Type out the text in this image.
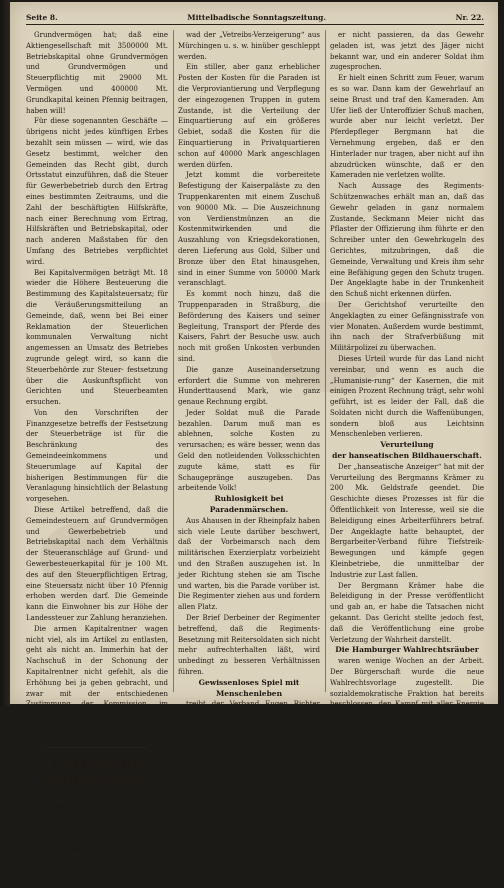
Seite 8.	Mittelbadische Sonntagszeitung.	Nr. 22.

Grundvermögen hat; daß eine Aktiengesellschaft mit 3500000 Mt. Betriebskapital ohne Grundvermögen und Grundvermögen und Steuerpflichtig mit 29000 Mt. Vermögen und 400000 Mt. Grundkapital keinen Pfennig beitragen, haben will!

Für diese sogenannten Geschäfte — übrigens nicht jedes künftigen Erbes bezahlt sein müssen — wird, wie das Gesetz bestimmt, welcher den Gemeinden das Recht gibt, durch Ortsstatut einzuführen, daß die Steuer für Gewerbebetrieb durch den Ertrag eines bestimmten Zeitraums, und die Zahl der beschäftigten Hilfskräfte, nach einer Berechnung vom Ertrag, Hilfskräften und Betriebskapital, oder nach anderen Maßstaben für den Umfang des Betriebes verpflichtet wird.

Bei Kapitalvermögen beträgt Mt. 18 wieder die Höhere Besteuerung die Bestimmung des Kapitalsteuersatz; für die Veräußerungsmitteilung an Gemeinde, daß, wenn bei Bei einer Reklamation der Steuerlichen kommunalen Verwaltung nicht angemessen an Umsatz des Betriebes zugrunde gelegt wird, so kann die Steuerbehörde zur Steuer- festsetzung über die Auskunftspflicht von Gerichten und Steuerbeamten ersuchen.

Von den Vorschriften der Finanzgesetze betreffs der Festsetzung der Steuerbeträge ist für die Beschränkung des Gemeindeeinkommens und Steuerumlage auf Kapital der bisherigen Bestimmungen für die Veranlagung hinsichtlich der Belastung vorgesehen.

Diese Artikel betreffend, daß die Gemeindesteuern auf Grundvermögen und Gewerbebetrieb und Betriebskapital nach dem Verhältnis der Steueranschläge auf Grund- und Gewerbesteuerkapital für je 100 Mt. des auf den Steuerpflichtigen Ertrag, eine Steuersatz nicht über 10 Pfennig erhoben werden darf. Die Gemeinde kann die Einwohner bis zur Höhe der Landessteuer zur Zahlung heranziehen.

Die armen Kapitalrentner wagen nicht viel, als im Artikel zu entlasten, geht als nicht an. Immerhin hat der Nachschuß in der Schonung der Kapitalrentner nicht gefehlt, als die Erhöhung bei ja geben gebracht, und zwar mit der entschiedenen Zustimmung der Kommission, im Interesse der Gemeinde, sowie auch die Belastung der übrigen Steuerpflichtigen.

Politische Rundschau.

Kitzingen, den 1. Juni 1905.

Was kostet die Parade?

Die „Volkstage“ in B. Brückingen in Lothringen sollen nach der militärischen Fachpresse einen Kostenaufwand von 250000 Mark erfordern haben. Man fühlt hier an, wieviel das Reich an Ausgaben zu tragen hat.

wad der „Vetreibs-Verzeigerung“ aus Mürchingen u. s. w. hinüber geschleppt werden.

Ein stiller, aber ganz erheblicher Posten der Kosten für die Paraden ist die Verproviantierung und Verpflegung der eingezogenen Truppen in gutem Zustande, ist die Verteilung der Einquartierung auf ein größeres Gebiet, sodaß die Kosten für die Einquartierung in Privatquartieren schon auf 40000 Mark angeschlagen werden dürfen.

Jetzt kommt die vorbereitete Befestigung der Kaiserpaläste zu den Truppenkarenten mit einem Zuschuß von 90000 Mk. — Die Auszeichnung von Verdienstmünzen an die Kostenmitwirkenden und die Auszahlung von Kriegsdekorationen, deren Lieferung aus Gold, Silber und Bronze über den Etat hinausgehen, sind in einer Summe von 50000 Mark veranschlagt.

Es kommt noch hinzu, daß die Truppenparaden in Straßburg, die Beförderung des Kaisers und seiner Begleitung, Transport der Pferde des Kaisers, Fahrt der Besuche usw. auch noch mit großen Unkosten verbunden sind.

Die ganze Auseinandersetzung erfordert die Summe von mehreren Hunderttausend Mark, wie ganz genaue Rechnung ergibt.

Jeder Soldat muß die Parade bezahlen. Darum muß man es ablehnen, solche Kosten zu verursachen; es wäre besser, wenn das Geld den notleidenden Volksschichten zugute käme, statt es für Schaugepränge auszugeben. Das arbeitende Volk!

Ruhlosigkeit bei Paradenmärschen.

Aus Ahausen in der Rheinpfalz haben sich viele Leute darüber beschwert, daß der Vorbeimarsch nach dem militärischen Exerzierplatz vorbeizieht und den Straßen auszugehen ist. In jeder Richtung stehen sie am Tische und warten, bis die Parade vorüber ist. Die Regimenter ziehen aus und fordern allen Platz.

Der Brief Derbeiner der Regimenter betreffend, daß die Regiments-Besetzung mit Reitersoldaten sich nicht mehr aufrechterhalten läßt, wird unbedingt zu besseren Verhältnissen führen.

Gewissenloses Spiel mit Menschenleben

treibt der Verband Eugen Richter vom 22. bzw. Infanterie-Regiment in Landshausen, der sich am Montag vor 3 Tagen vor dem Kriegsgericht zu verantworten hatte.

Er hatte bei der schriftlichen Leitung des Infanterie-Regiments Hanhagen, Bergmann und Schnitteweiler über die Sache entschieden, Vernehmung des Mannes am Tag zuvor geholt und gelegt. Gestern sah dasselbe wie aus, als ob die Infanteristen gar nicht gerade gesprochen, daß der Angeklagte in Gewahrsam genommen ist.

er nicht passieren, da das Gewehr geladen ist, was jetzt des Jäger nicht bekannt war, und ein anderer Soldat ihm zugesprochen.

Er hielt einen Schritt zum Feuer, warum es so war. Dann kam der Gewehrlauf an seine Brust und traf den Kameraden. Am Ufer ließ der Unteroffizier Schuß machen, wurde aber nur leicht verletzt. Der Pferdepfleger Bergmann hat die Vernehmung ergeben, daß er den Hinterlader nur tragen, aber nicht auf ihn abzudrücken wünschte, daß er den Kameraden nie verletzen wollte.

Nach Aussage des Regiments-Schützenwaches erhält man an, daß das Gewehr geladen in ganz normalem Zustande, Seckmann Meier nicht das Pflaster der Offizierung ihm führte er den Schreiber unter den Gewehrkugeln des Gerichtes, mitzubringen, daß die Gemeinde, Verwaltung und Kreis ihm sehr eine Befähigung gegen den Schutz trugen. Der Angeklagte habe in der Trunkenheit den Schuß nicht erkennen dürfen.

Der Gerichtshof verurteilte den Angeklagten zu einer Gefängnisstrafe von vier Monaten. Außerdem wurde bestimmt, ihn nach der Strafverbüßung mit Militärpolizei zu überwachen.

Dieses Urteil wurde für das Land nicht vereinbar, und wenn es auch die „Humanisie-rung“ der Kasernen, die mit einigen Prozent Rechnung trägt, sehr wohl geführt, ist es leider der Fall, daß die Soldaten nicht durch die Waffenübungen, sondern bloß aus Leichtsinn Menschenleben verlieren.

Verurteilung

der hanseatischen Bildhauerschaft.

Der „hanseatische Anzeiger“ hat mit der Verurteilung des Bergmanns Krämer zu 200 Mk. Geldstrafe geendet. Die Geschichte dieses Prozesses ist für die Öffentlichkeit von Interesse, weil sie die Beleidigung eines Arbeiterführers betraf. Der Angeklagte hatte behauptet, der Bergarbeiter-Verband führe Tiefstreik-Bewegungen und kämpfe gegen Kleinbetriebe, die unmittelbar der Industrie zur Last fallen.

Der Bergmann Krämer habe die Beleidigung in der Presse veröffentlicht und gab an, er habe die Tatsachen nicht gekannt. Das Gericht stellte jedoch fest, daß die Veröffentlichung eine grobe Verletzung der Wahrheit darstellt.

Die Hamburger Wahlrechtsräuber

waren wenige Wochen an der Arbeit. Der Bürgerschaft wurde die neue Wahlrechtsvorlage zugestellt. Die sozialdemokratische Fraktion hat bereits beschlossen, den Kampf mit aller Energie aufzunehmen und die Bevölkerung zu Protestversammlungen aufzurufen.
